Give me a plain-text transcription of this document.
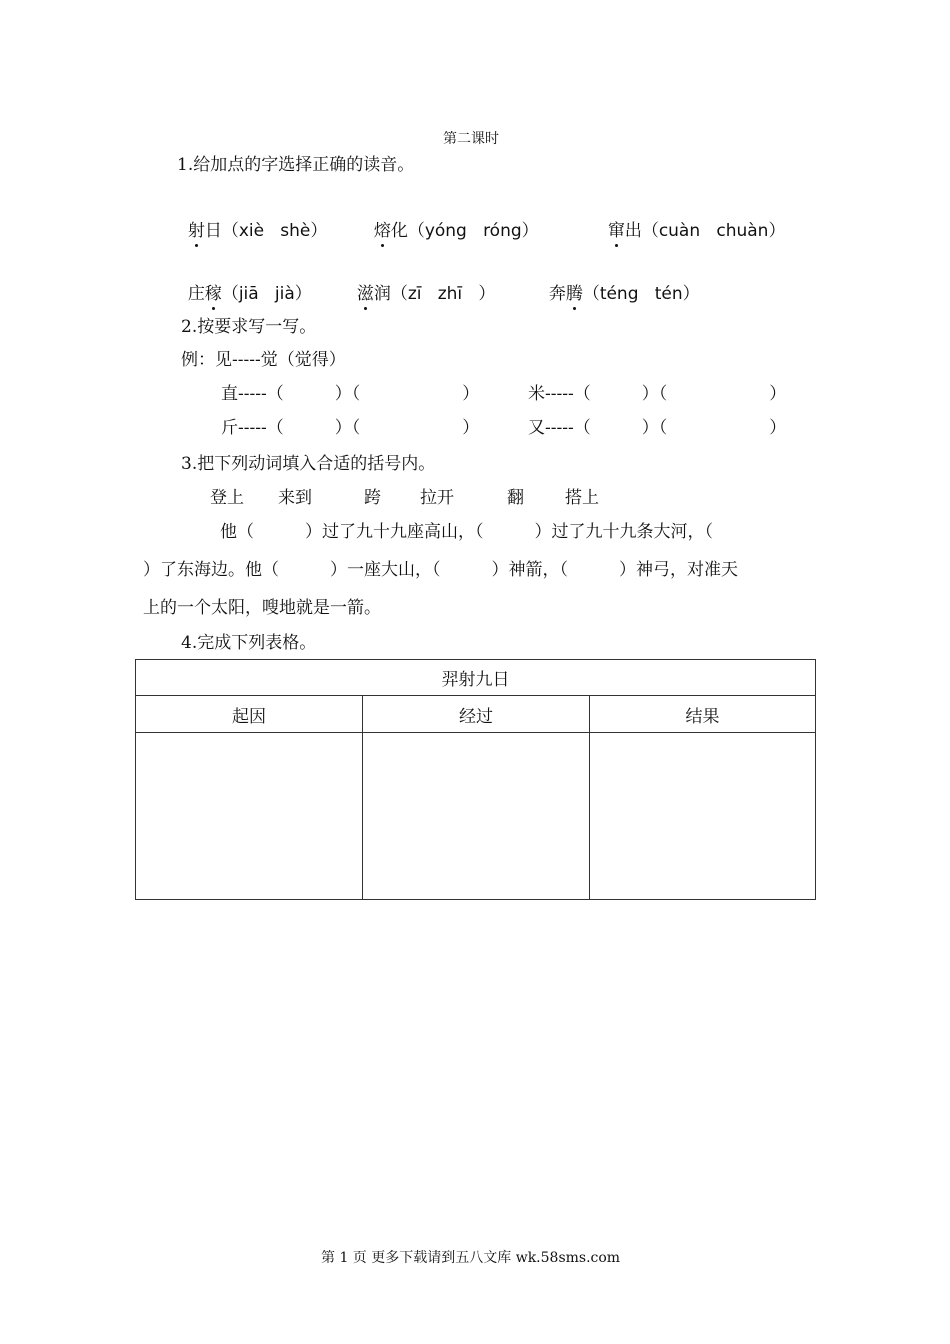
第二课时
1.给加点的字选择正确的读音。

射日（xiè shè）	熔化（yóng róng）	窜出（cuàn chuàn）

庄稼（jiā jià）	滋润（zī zhī ）	奔腾（téng tén）

2.按要求写一写。
例：见-----觉（觉得）
直-----（　　　）（　　　　　　）	米-----（　　　）（　　　　　　）
斤-----（　　　）（　　　　　　）	又-----（　　　）（　　　　　　）
3.把下列动词填入合适的括号内。
登上 来到	跨 拉开	翻 搭上
他（　　　）过了九十九座高山，（　　　）过了九十九条大河，（
）了东海边。他（　　　）一座大山，（　　　）神箭，（　　　）神弓，对准天
上的一个太阳，嗖地就是一箭。
4.完成下列表格。
羿射九日		
起因	经过	结果

第 1 页 更多下载请到五八文库 wk.58sms.com
